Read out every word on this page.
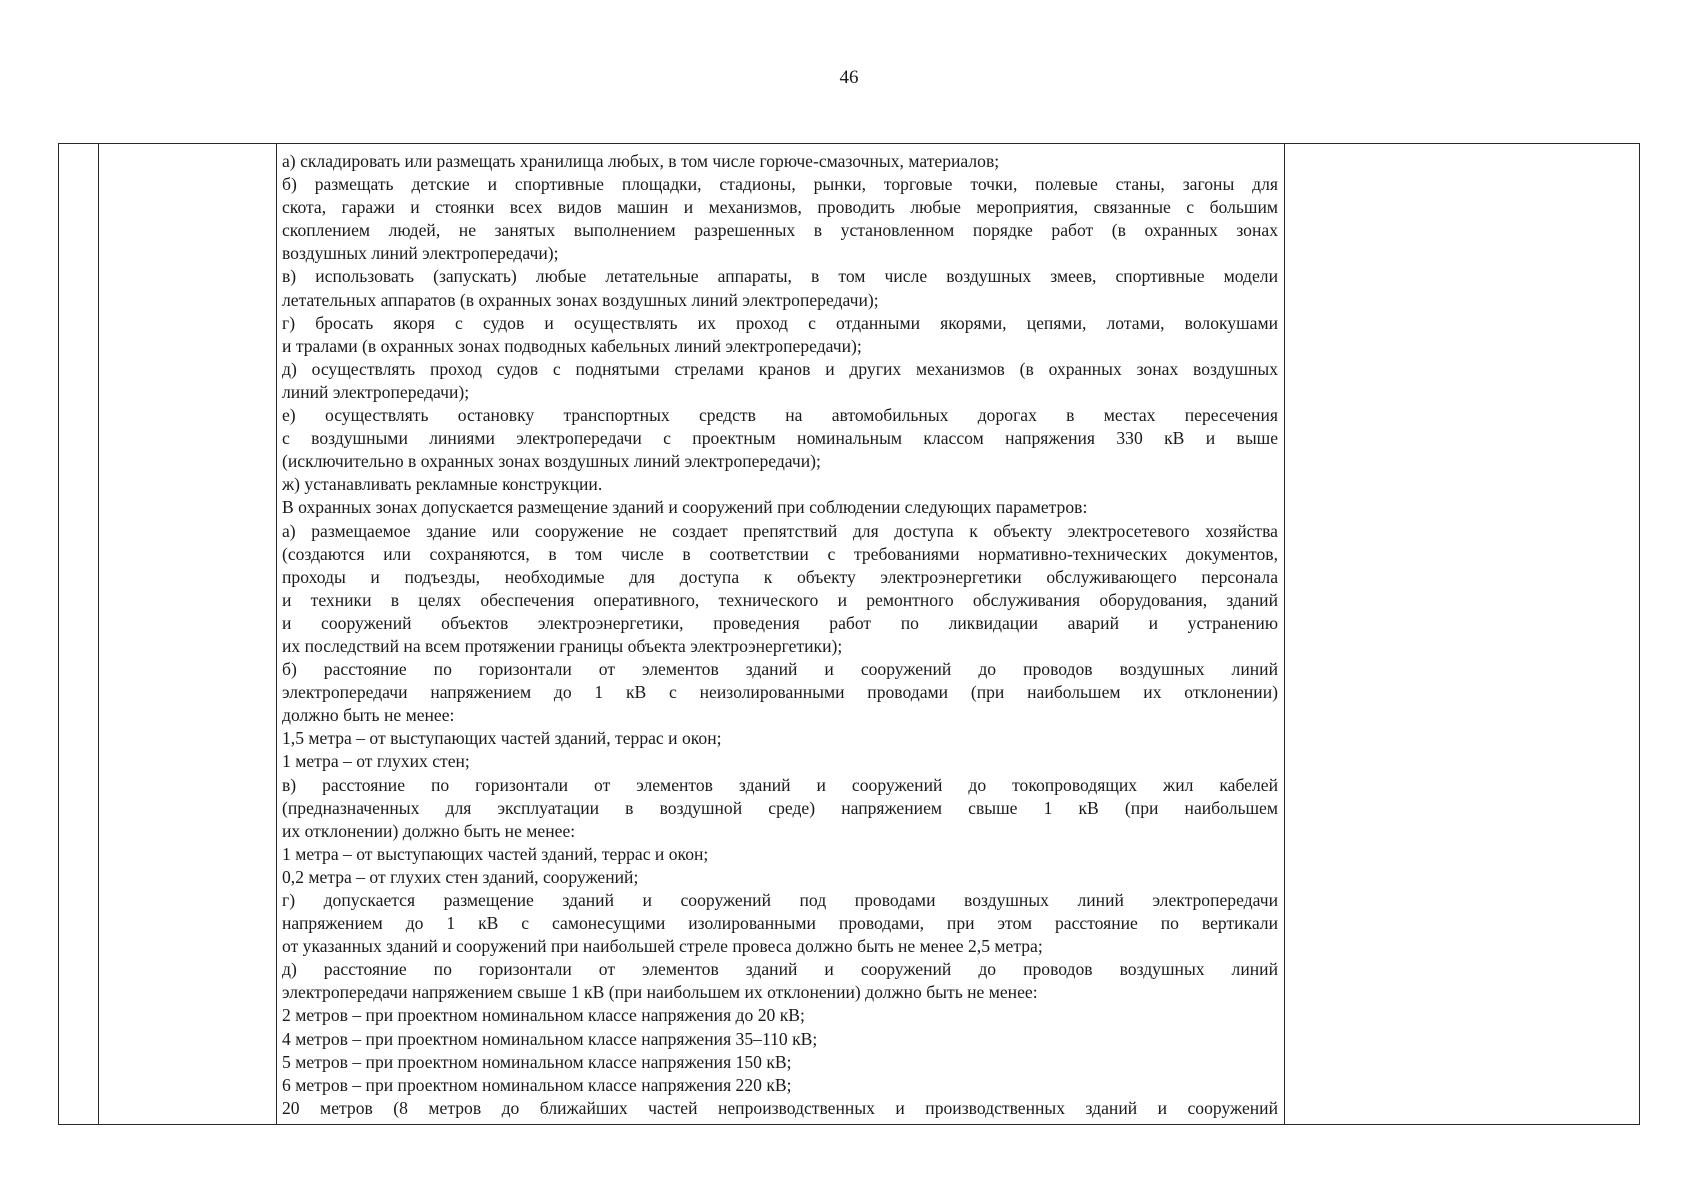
46

а) складировать или размещать хранилища любых, в том числе горюче-смазочных, материалов;
б) размещать детские и спортивные площадки, стадионы, рынки, торговые точки, полевые станы, загоны для
скота, гаражи и стоянки всех видов машин и механизмов, проводить любые мероприятия, связанные с большим
скоплением людей, не занятых выполнением разрешенных в установленном порядке работ (в охранных зонах
воздушных линий электропередачи);
в) использовать (запускать) любые летательные аппараты, в том числе воздушных змеев, спортивные модели
летательных аппаратов (в охранных зонах воздушных линий электропередачи);
г) бросать якоря с судов и осуществлять их проход с отданными якорями, цепями, лотами, волокушами
и тралами (в охранных зонах подводных кабельных линий электропередачи);
д) осуществлять проход судов с поднятыми стрелами кранов и других механизмов (в охранных зонах воздушных
линий электропередачи);
е) осуществлять остановку транспортных средств на автомобильных дорогах в местах пересечения
с воздушными линиями электропередачи с проектным номинальным классом напряжения 330 кВ и выше
(исключительно в охранных зонах воздушных линий электропередачи);
ж) устанавливать рекламные конструкции.
В охранных зонах допускается размещение зданий и сооружений при соблюдении следующих параметров:
а) размещаемое здание или сооружение не создает препятствий для доступа к объекту электросетевого хозяйства
(создаются или сохраняются, в том числе в соответствии с требованиями нормативно-технических документов,
проходы и подъезды, необходимые для доступа к объекту электроэнергетики обслуживающего персонала
и техники в целях обеспечения оперативного, технического и ремонтного обслуживания оборудования, зданий
и сооружений объектов электроэнергетики, проведения работ по ликвидации аварий и устранению
их последствий на всем протяжении границы объекта электроэнергетики);
б) расстояние по горизонтали от элементов зданий и сооружений до проводов воздушных линий
электропередачи напряжением до 1 кВ с неизолированными проводами (при наибольшем их отклонении)
должно быть не менее:
1,5 метра – от выступающих частей зданий, террас и окон;
1 метра – от глухих стен;
в) расстояние по горизонтали от элементов зданий и сооружений до токопроводящих жил кабелей
(предназначенных для эксплуатации в воздушной среде) напряжением свыше 1 кВ (при наибольшем
их отклонении) должно быть не менее:
1 метра – от выступающих частей зданий, террас и окон;
0,2 метра – от глухих стен зданий, сооружений;
г) допускается размещение зданий и сооружений под проводами воздушных линий электропередачи
напряжением до 1 кВ с самонесущими изолированными проводами, при этом расстояние по вертикали
от указанных зданий и сооружений при наибольшей стреле провеса должно быть не менее 2,5 метра;
д) расстояние по горизонтали от элементов зданий и сооружений до проводов воздушных линий
электропередачи напряжением свыше 1 кВ (при наибольшем их отклонении) должно быть не менее:
2 метров – при проектном номинальном классе напряжения до 20 кВ;
4 метров – при проектном номинальном классе напряжения 35–110 кВ;
5 метров – при проектном номинальном классе напряжения 150 кВ;
6 метров – при проектном номинальном классе напряжения 220 кВ;
20 метров (8 метров до ближайших частей непроизводственных и производственных зданий и сооружений
